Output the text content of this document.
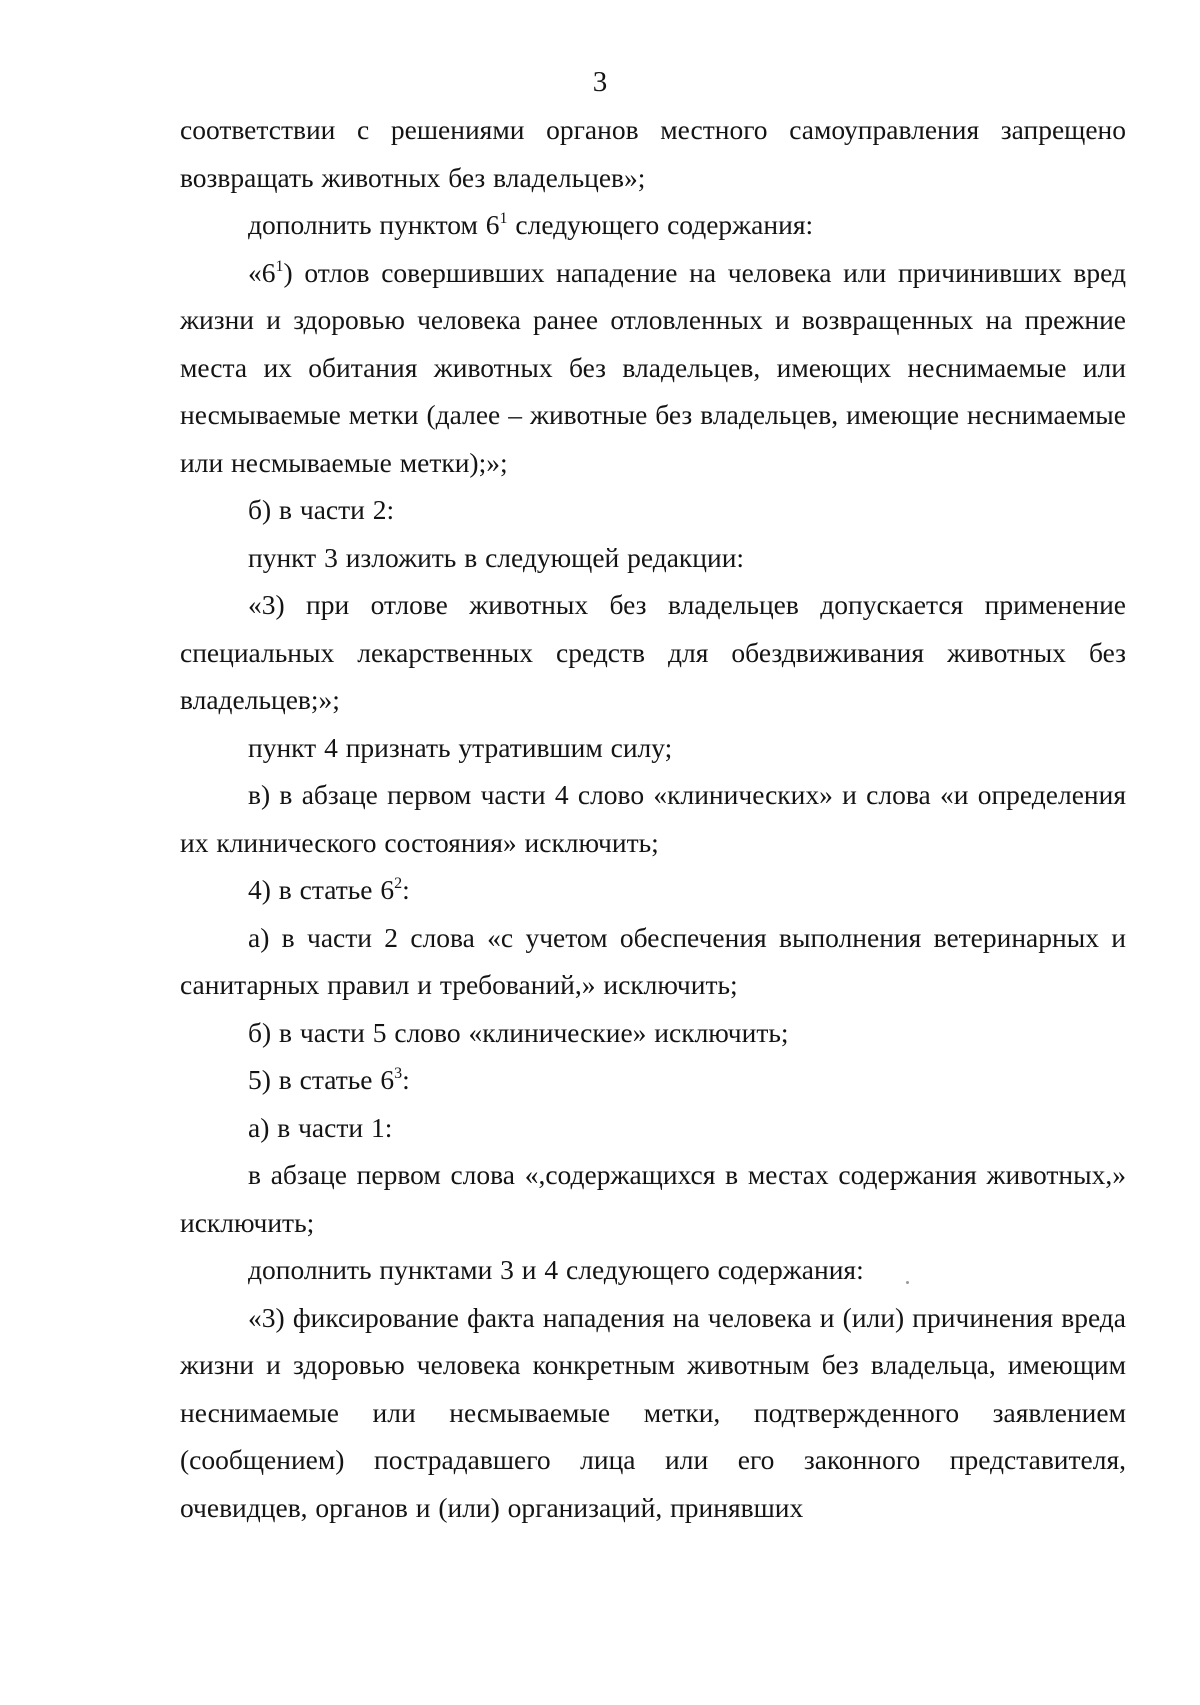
3

соответствии с решениями органов местного самоуправления запрещено возвращать животных без владельцев»;

дополнить пунктом $6^1$ следующего содержания:

«$6^1$) отлов совершивших нападение на человека или причинивших вред жизни и здоровью человека ранее отловленных и возвращенных на прежние места их обитания животных без владельцев, имеющих неснимаемые или несмываемые метки (далее – животные без владельцев, имеющие неснимаемые или несмываемые метки);»;

б) в части 2:

пункт 3 изложить в следующей редакции:

«3) при отлове животных без владельцев допускается применение специальных лекарственных средств для обездвиживания животных без владельцев;»;

пункт 4 признать утратившим силу;

в) в абзаце первом части 4 слово «клинических» и слова «и определения их клинического состояния» исключить;

4) в статье $6^2$:

а) в части 2 слова «с учетом обеспечения выполнения ветеринарных и санитарных правил и требований,» исключить;

б) в части 5 слово «клинические» исключить;

5) в статье $6^3$:

а) в части 1:

в абзаце первом слова «,содержащихся в местах содержания животных,» исключить;

дополнить пунктами 3 и 4 следующего содержания:

«3) фиксирование факта нападения на человека и (или) причинения вреда жизни и здоровью человека конкретным животным без владельца, имеющим неснимаемые или несмываемые метки, подтвержденного заявлением (сообщением) пострадавшего лица или его законного представителя, очевидцев, органов и (или) организаций, принявших
